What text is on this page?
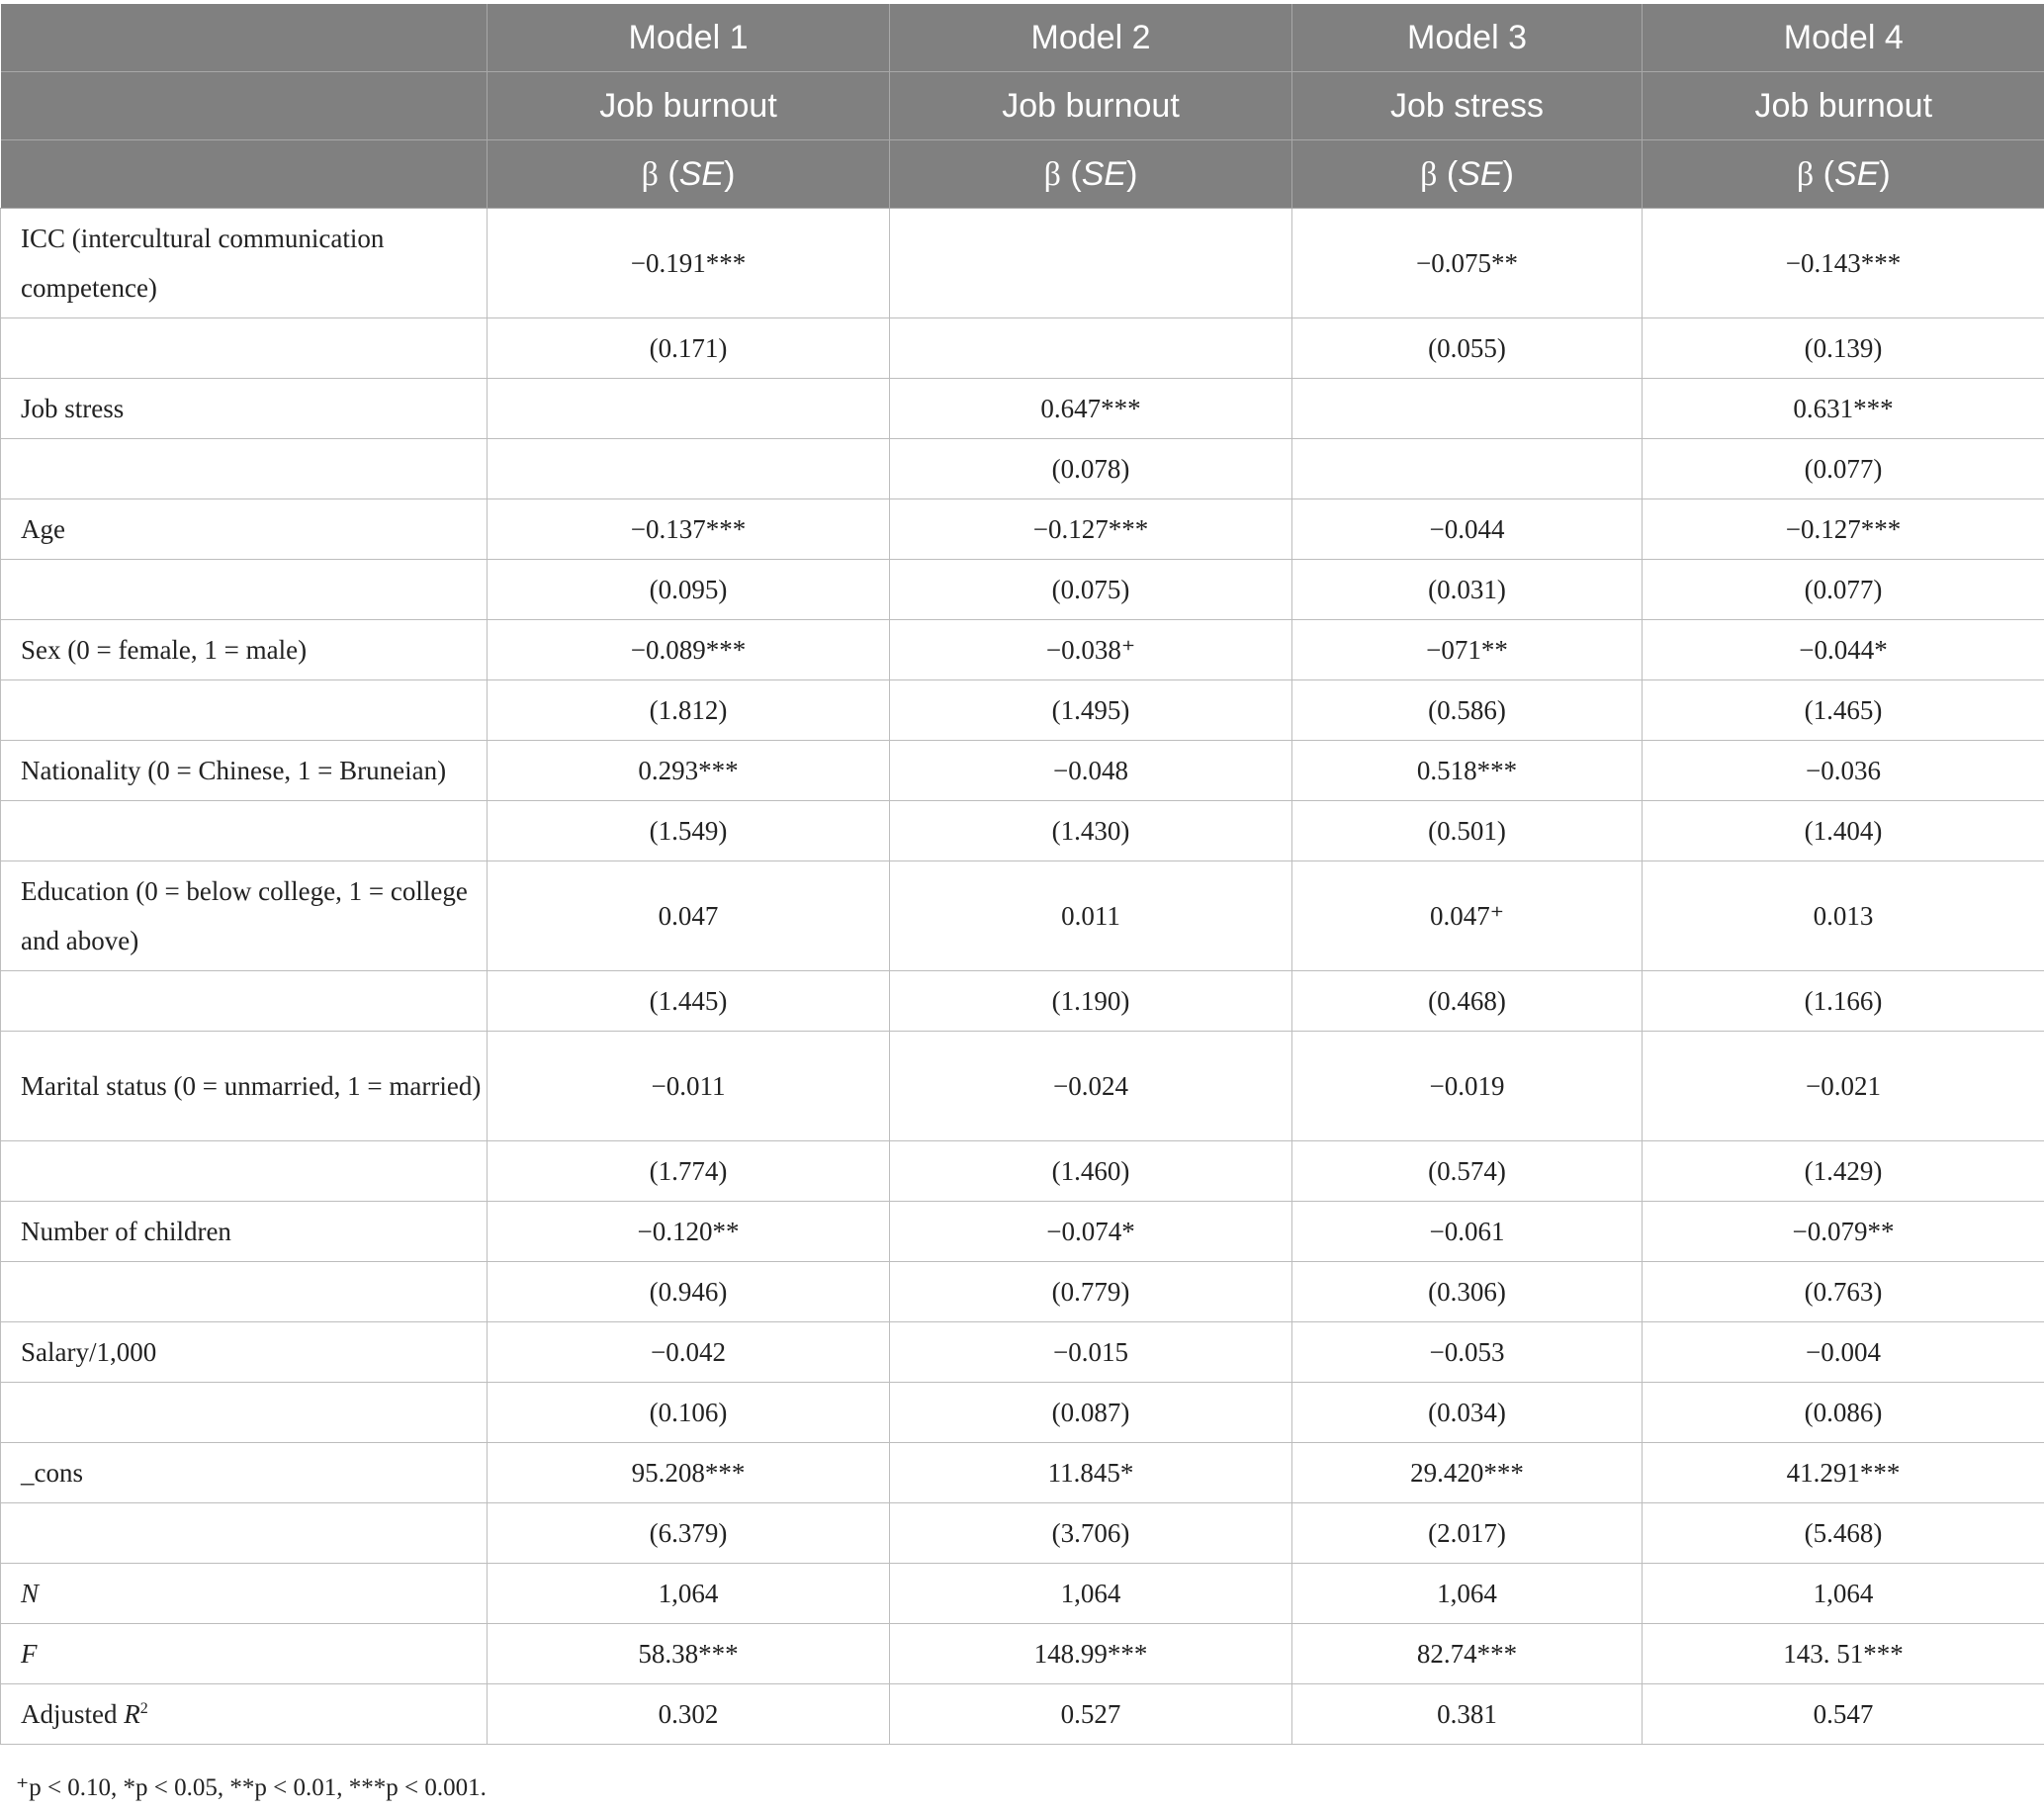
	Model 1	Model 2	Model 3	Model 4
	Job burnout	Job burnout	Job stress	Job burnout
	β (SE)	β (SE)	β (SE)	β (SE)
ICC (intercultural communication competence)	−0.191***		−0.075**	−0.143***
	(0.171)		(0.055)	(0.139)
Job stress		0.647***		0.631***
		(0.078)		(0.077)
Age	−0.137***	−0.127***	−0.044	−0.127***
	(0.095)	(0.075)	(0.031)	(0.077)
Sex (0 = female, 1 = male)	−0.089***	−0.038⁺	−071**	−0.044*
	(1.812)	(1.495)	(0.586)	(1.465)
Nationality (0 = Chinese, 1 = Bruneian)	0.293***	−0.048	0.518***	−0.036
	(1.549)	(1.430)	(0.501)	(1.404)
Education (0 = below college, 1 = college and above)	0.047	0.011	0.047⁺	0.013
	(1.445)	(1.190)	(0.468)	(1.166)
Marital status (0 = unmarried, 1 = married)	−0.011	−0.024	−0.019	−0.021
	(1.774)	(1.460)	(0.574)	(1.429)
Number of children	−0.120**	−0.074*	−0.061	−0.079**
	(0.946)	(0.779)	(0.306)	(0.763)
Salary/1,000	−0.042	−0.015	−0.053	−0.004
	(0.106)	(0.087)	(0.034)	(0.086)
_cons	95.208***	11.845*	29.420***	41.291***
	(6.379)	(3.706)	(2.017)	(5.468)
N	1,064	1,064	1,064	1,064
F	58.38***	148.99***	82.74***	143. 51***
Adjusted $R^2$	0.302	0.527	0.381	0.547
⁺p < 0.10, *p < 0.05, **p < 0.01, ***p < 0.001.
